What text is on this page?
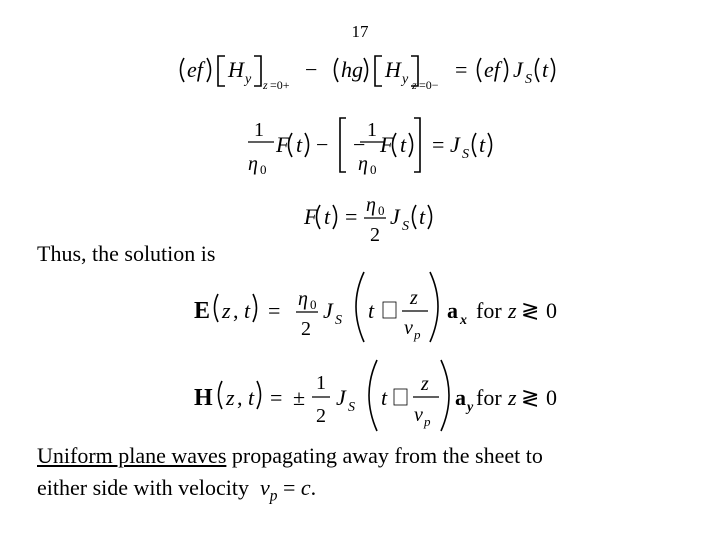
17
ef H y z =0+
− hg H y z =0−
= ef J S t
1
η 0
F t − −
1
η 0
F t = J S t
F t = η 0
2
J S t
E z , t = η 0
2
J S t z
v p
a x for z ≷ 0
H z , t = ±
1
2
J S t
z
v p
a y for z ≷ 0
Thus, the solution is
Uniform plane waves propagating away from the sheet to
either side with velocity  $v_p = c$.
